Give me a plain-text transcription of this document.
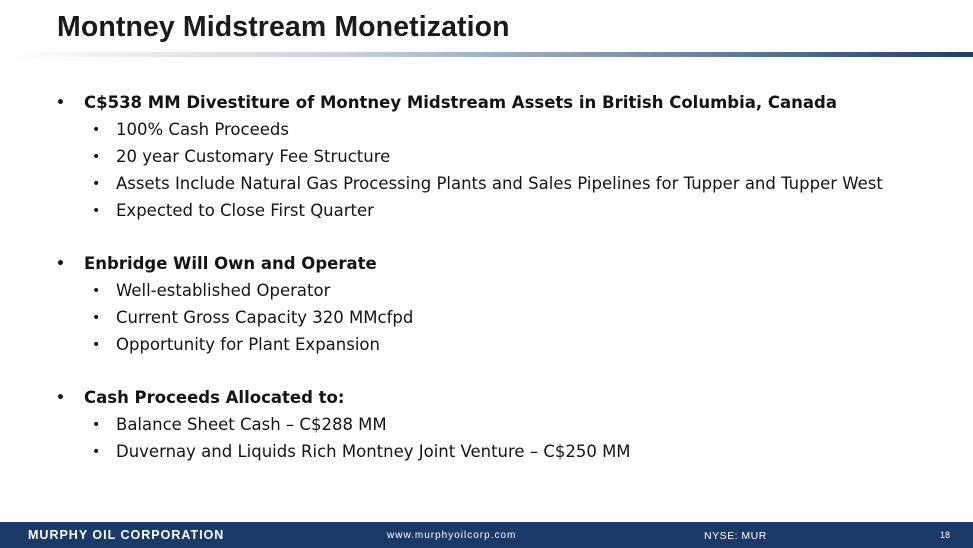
Montney Midstream Monetization
• C$538 MM Divestiture of Montney Midstream Assets in British Columbia, Canada
• 100% Cash Proceeds
• 20 year Customary Fee Structure
• Assets Include Natural Gas Processing Plants and Sales Pipelines for Tupper and Tupper West
• Expected to Close First Quarter
• Enbridge Will Own and Operate
• Well-established Operator
• Current Gross Capacity 320 MMcfpd
• Opportunity for Plant Expansion
• Cash Proceeds Allocated to:
• Balance Sheet Cash – C$288 MM
• Duvernay and Liquids Rich Montney Joint Venture – C$250 MM
MURPHY OIL CORPORATION	www.murphyoilcorp.com	NYSE: MUR	18
